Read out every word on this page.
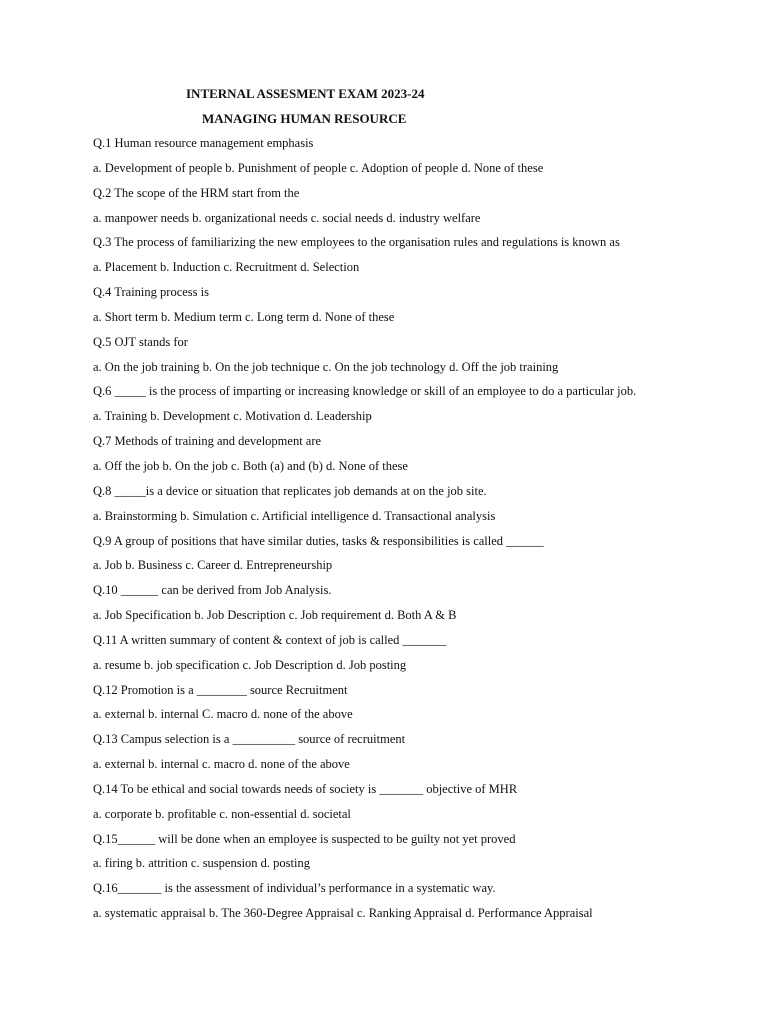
INTERNAL ASSESMENT EXAM 2023-24
MANAGING HUMAN RESOURCE
Q.1 Human resource management emphasis
a. Development of people b. Punishment of people c. Adoption of people d. None of these
Q.2 The scope of the HRM start from the
a. manpower needs b. organizational needs c. social needs d. industry welfare
Q.3 The process of familiarizing the new employees to the organisation rules and regulations is known as
a. Placement b. Induction c. Recruitment d. Selection
Q.4 Training process is
a. Short term b. Medium term c. Long term d. None of these
Q.5 OJT stands for
a. On the job training b. On the job technique c. On the job technology d. Off the job training
Q.6 _____ is the process of imparting or increasing knowledge or skill of an employee to do a particular job.
a. Training b. Development c. Motivation d. Leadership
Q.7 Methods of training and development are
a. Off the job b. On the job c. Both (a) and (b) d. None of these
Q.8 _____is a device or situation that replicates job demands at on the job site.
a. Brainstorming b. Simulation c. Artificial intelligence d. Transactional analysis
Q.9 A group of positions that have similar duties, tasks & responsibilities is called ______
a. Job b. Business c. Career d. Entrepreneurship
Q.10 ______ can be derived from Job Analysis.
a. Job Specification b. Job Description c. Job requirement d. Both A & B
Q.11 A written summary of content & context of job is called _______
a. resume b. job specification c. Job Description d. Job posting
Q.12 Promotion is a ________ source Recruitment
a. external b. internal C. macro d. none of the above
Q.13 Campus selection is a __________ source of recruitment
a. external b. internal c. macro d. none of the above
Q.14 To be ethical and social towards needs of society is _______ objective of MHR
a. corporate b. profitable c. non-essential d. societal
Q.15______ will be done when an employee is suspected to be guilty not yet proved
a. firing b. attrition c. suspension d. posting
Q.16_______ is the assessment of individual’s performance in a systematic way.
a. systematic appraisal b. The 360-Degree Appraisal c. Ranking Appraisal d. Performance Appraisal
